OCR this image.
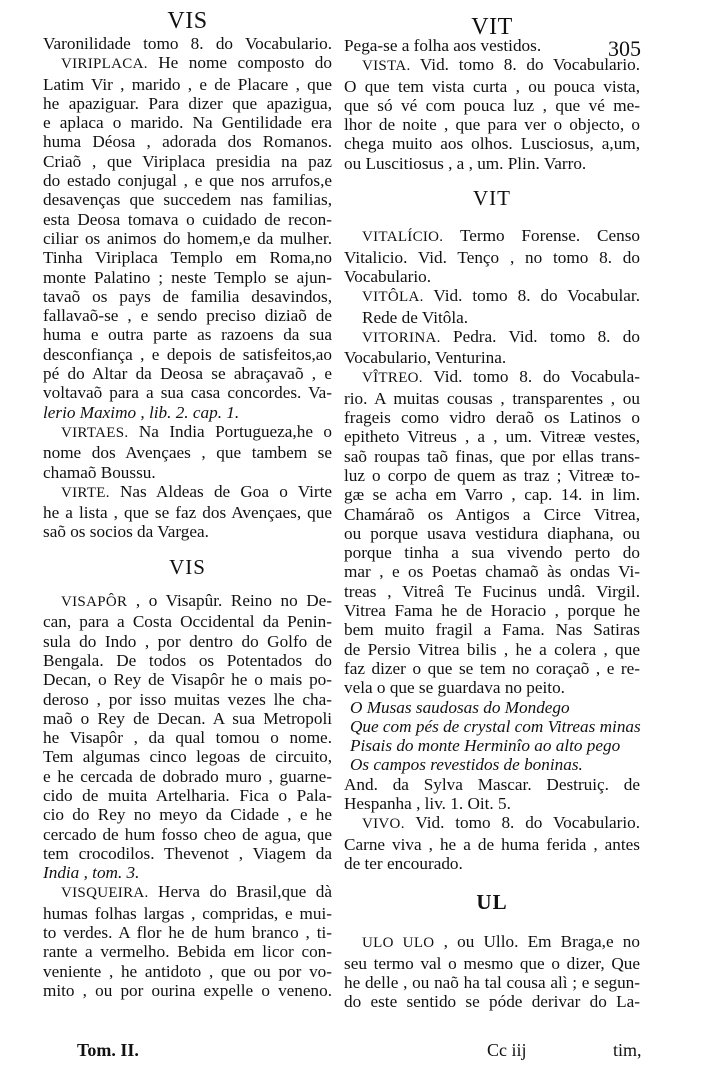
VIS
Varonilidade tomo 8. do Vocabulario.
VIRIPLACA. He nome composto do
Latim Vir , marido , e de Placare , que
he apaziguar. Para dizer que apazigua,
e aplaca o marido. Na Gentilidade era
huma Déosa , adorada dos Romanos.
Criaõ , que Viriplaca presidia na paz
do estado conjugal , e que nos arrufos,e
desavenças que succedem nas familias,
esta Deosa tomava o cuidado de recon-
ciliar os animos do homem,e da mulher.
Tinha Viriplaca Templo em Roma,no
monte Palatino ; neste Templo se ajun-
tavaõ os pays de familia desavindos,
fallavaõ-se , e sendo preciso diziaõ de
huma e outra parte as razoens da sua
desconfiança , e depois de satisfeitos,ao
pé do Altar da Deosa se abraçavaõ , e
voltavaõ para a sua casa concordes. Va-
lerio Maximo , lib. 2. cap. 1.
VIRTAES. Na India Portugueza,he o
nome dos Avençaes , que tambem se
chamaõ Boussu.
VIRTE. Nas Aldeas de Goa o Virte
he a lista , que se faz dos Avençaes, que
saõ os socios da Vargea.
VIS
VISAPÔR , o Visapûr. Reino no De-
can, para a Costa Occidental da Penin-
sula do Indo , por dentro do Golfo de
Bengala. De todos os Potentados do
Decan, o Rey de Visapôr he o mais po-
deroso , por isso muitas vezes lhe cha-
maõ o Rey de Decan. A sua Metropoli
he Visapôr , da qual tomou o nome.
Tem algumas cinco legoas de circuito,
e he cercada de dobrado muro , guarne-
cido de muita Artelharia. Fica o Pala-
cio do Rey no meyo da Cidade , e he
cercado de hum fosso cheo de agua, que
tem crocodilos. Thevenot , Viagem da
India , tom. 3.
VISQUEIRA. Herva do Brasil,que dà
humas folhas largas , compridas, e mui-
to verdes. A flor he de hum branco , ti-
rante a vermelho. Bebida em licor con-
veniente , he antidoto , que ou por vo-
mito , ou por ourina expelle o veneno.
VIT
Pega-se a folha aos vestidos.
VISTA. Vid. tomo 8. do Vocabulario.
O que tem vista curta , ou pouca vista,
que só vé com pouca luz , que vé me-
lhor de noite , que para ver o objecto, o
chega muito aos olhos. Lusciosus, a,um,
ou Luscitiosus , a , um. Plin. Varro.
VIT
VITALÍCIO. Termo Forense. Censo
Vitalicio. Vid. Tenço , no tomo 8. do
Vocabulario.
VITÔLA. Vid. tomo 8. do Vocabular.
Rede de Vitôla.
VITORINA. Pedra. Vid. tomo 8. do
Vocabulario, Venturina.
VÎTREO. Vid. tomo 8. do Vocabula-
rio. A muitas cousas , transparentes , ou
frageis como vidro deraõ os Latinos o
epitheto Vitreus , a , um. Vitreæ vestes,
saõ roupas taõ finas, que por ellas trans-
luz o corpo de quem as traz ; Vitreæ to-
gæ se acha em Varro , cap. 14. in lim.
Chamáraõ os Antigos a Circe Vitrea,
ou porque usava vestidura diaphana, ou
porque tinha a sua vivendo perto do
mar , e os Poetas chamaõ às ondas Vi-
treas , Vitreâ Te Fucinus undâ. Virgil.
Vitrea Fama he de Horacio , porque he
bem muito fragil a Fama. Nas Satiras
de Persio Vitrea bilis , he a colera , que
faz dizer o que se tem no coraçaõ , e re-
vela o que se guardava no peito.
O Musas saudosas do Mondego
Que com pés de crystal com Vitreas minas
Pisais do monte Herminîo ao alto pego
Os campos revestidos de boninas.
And. da Sylva Mascar. Destruiç. de
Hespanha , liv. 1. Oit. 5.
VIVO. Vid. tomo 8. do Vocabulario.
Carne viva , he a de huma ferida , antes
de ter encourado.
UL
ULO ULO , ou Ullo. Em Braga,e no
seu termo val o mesmo que o dizer, Que
he delle , ou naõ ha tal cousa alì ; e segun-
do este sentido se póde derivar do La-
305
Tom. II.	Cc iij	tim,
